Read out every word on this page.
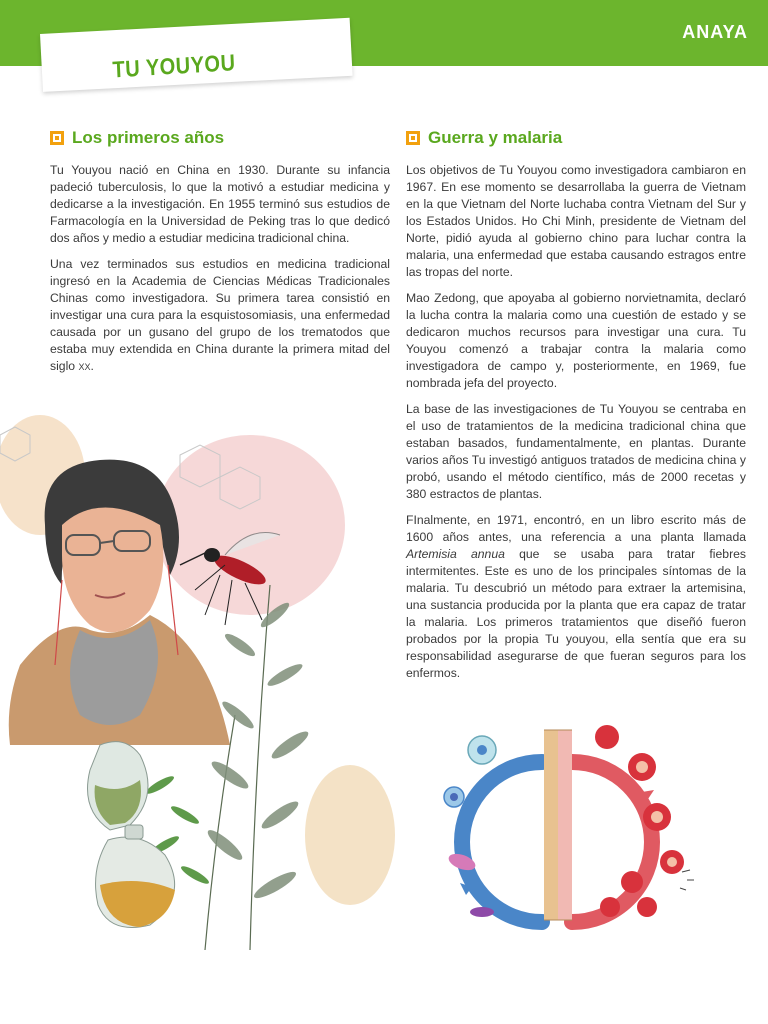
TU YOUYOU
ANAYA
Los primeros años

Tu Youyou nació en China en 1930. Durante su infancia padeció tuberculosis, lo que la motivó a estudiar medicina y dedicarse a la investigación. En 1955 terminó sus estudios de Farmacología en la Universidad de Peking tras lo que dedicó dos años y medio a estudiar medicina tradicional china.

Una vez terminados sus estudios en medicina tradicional ingresó en la Academia de Ciencias Médicas Tradicionales Chinas como investigadora. Su primera tarea consistió en investigar una cura para la esquistosomiasis, una enfermedad causada por un gusano del grupo de los trematodos que estaba muy extendida en China durante la primera mitad del siglo xx.

Guerra y malaria

Los objetivos de Tu Youyou como investigadora cambiaron en 1967. En ese momento se desarrollaba la guerra de Vietnam en la que Vietnam del Norte luchaba contra Vietnam del Sur y los Estados Unidos. Ho Chi Minh, presidente de Vietnam del Norte, pidió ayuda al gobierno chino para luchar contra la malaria, una enfermedad que estaba causando estragos entre las tropas del norte.

Mao Zedong, que apoyaba al gobierno norvietnamita, declaró la lucha contra la malaria como una cuestión de estado y se dedicaron muchos recursos para investigar una cura. Tu Youyou comenzó a trabajar contra la malaria como investigadora de campo y, posteriormente, en 1969, fue nombrada jefa del proyecto.

La base de las investigaciones de Tu Youyou se centraba en el uso de tratamientos de la medicina tradicional china que estaban basados, fundamentalmente, en plantas. Durante varios años Tu investigó antiguos tratados de medicina china y probó, usando el método científico, más de 2000 recetas y 380 estractos de plantas.

FInalmente, en 1971, encontró, en un libro escrito más de 1600 años antes, una referencia a una planta llamada Artemisia annua que se usaba para tratar fiebres intermitentes. Este es uno de los principales síntomas de la malaria. Tu descubrió un método para extraer la artemisina, una sustancia producida por la planta que era capaz de tratar la malaria. Los primeros tratamientos que diseñó fueron probados por la propia Tu youyou, ella sentía que era su responsabilidad asegurarse de que fueran seguros para los enfermos.
